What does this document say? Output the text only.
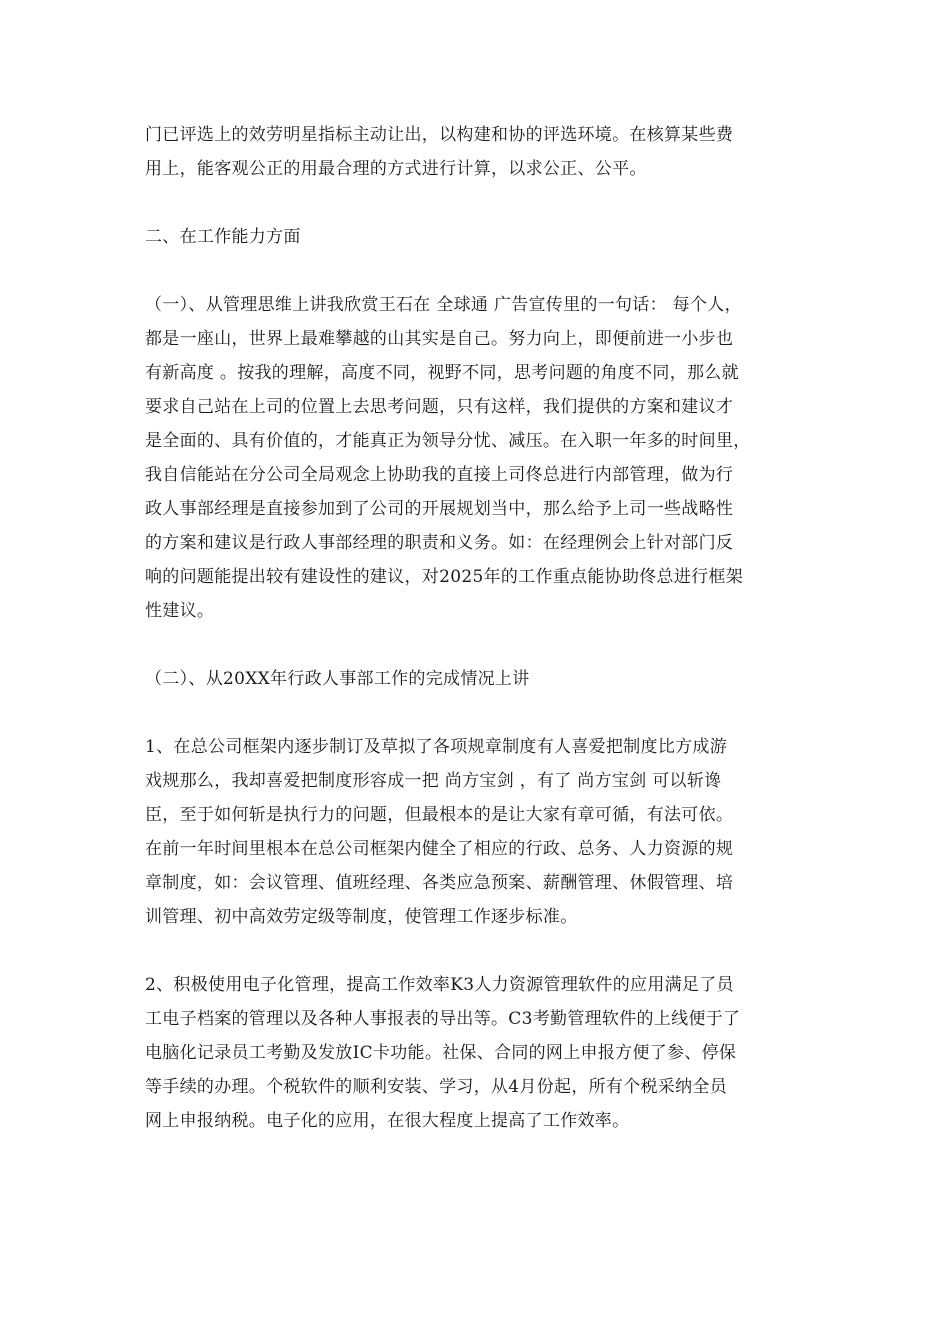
门已评选上的效劳明星指标主动让出，以构建和协的评选环境。在核算某些费
用上，能客观公正的用最合理的方式进行计算，以求公正、公平。

二、在工作能力方面

（一）、从管理思维上讲我欣赏王石在 全球通 广告宣传里的一句话： 每个人，
都是一座山，世界上最难攀越的山其实是自己。努力向上，即便前进一小步也
有新高度 。按我的理解，高度不同，视野不同，思考问题的角度不同，那么就
要求自己站在上司的位置上去思考问题，只有这样，我们提供的方案和建议才
是全面的、具有价值的，才能真正为领导分忧、减压。在入职一年多的时间里，
我自信能站在分公司全局观念上协助我的直接上司佟总进行内部管理，做为行
政人事部经理是直接参加到了公司的开展规划当中，那么给予上司一些战略性
的方案和建议是行政人事部经理的职责和义务。如：在经理例会上针对部门反
响的问题能提出较有建设性的建议，对2025年的工作重点能协助佟总进行框架
性建议。

（二）、从20XX年行政人事部工作的完成情况上讲

1、在总公司框架内逐步制订及草拟了各项规章制度有人喜爱把制度比方成游
戏规那么，我却喜爱把制度形容成一把 尚方宝剑 ，有了 尚方宝剑 可以斩谗
臣，至于如何斩是执行力的问题，但最根本的是让大家有章可循，有法可依。
在前一年时间里根本在总公司框架内健全了相应的行政、总务、人力资源的规
章制度，如：会议管理、值班经理、各类应急预案、薪酬管理、休假管理、培
训管理、初中高效劳定级等制度，使管理工作逐步标准。

2、积极使用电子化管理，提高工作效率K3人力资源管理软件的应用满足了员
工电子档案的管理以及各种人事报表的导出等。C3考勤管理软件的上线便于了
电脑化记录员工考勤及发放IC卡功能。社保、合同的网上申报方便了参、停保
等手续的办理。个税软件的顺利安装、学习，从4月份起，所有个税采纳全员
网上申报纳税。电子化的应用，在很大程度上提高了工作效率。
